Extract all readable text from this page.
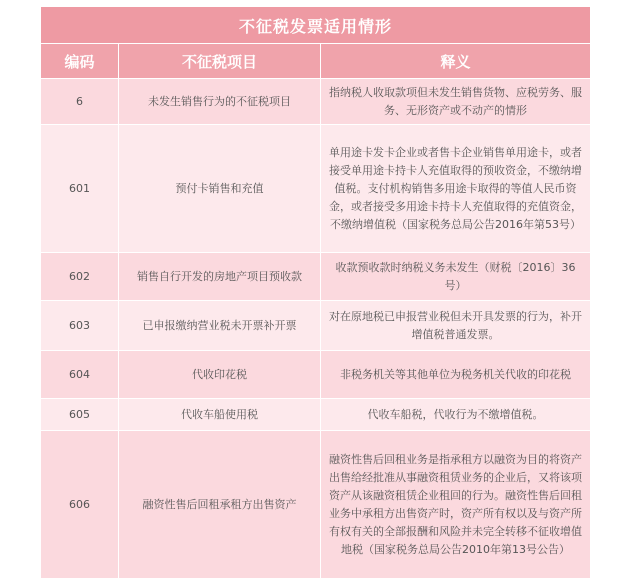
不征税发票适用情形		
编码	不征税项目	释义
6	未发生销售行为的不征税项目	指纳税人收取款项但未发生销售货物、应税劳务、服务、无形资产或不动产的情形
601	预付卡销售和充值	单用途卡发卡企业或者售卡企业销售单用途卡，或者接受单用途卡持卡人充值取得的预收资金，不缴纳增值税。支付机构销售多用途卡取得的等值人民币资金，或者接受多用途卡持卡人充值取得的充值资金，不缴纳增值税（国家税务总局公告2016年第53号）
602	销售自行开发的房地产项目预收款	收款预收款时纳税义务未发生（财税〔2016〕36号）
603	已申报缴纳营业税未开票补开票	对在原地税已申报营业税但未开具发票的行为，补开增值税普通发票。
604	代收印花税	非税务机关等其他单位为税务机关代收的印花税
605	代收车船使用税	代收车船税，代收行为不缴增值税。
606	融资性售后回租承租方出售资产	融资性售后回租业务是指承租方以融资为目的将资产出售给经批准从事融资租赁业务的企业后，又将该项资产从该融资租赁企业租回的行为。融资性售后回租业务中承租方出售资产时，资产所有权以及与资产所有权有关的全部报酬和风险并未完全转移不征收增值地税（国家税务总局公告2010年第13号公告）
